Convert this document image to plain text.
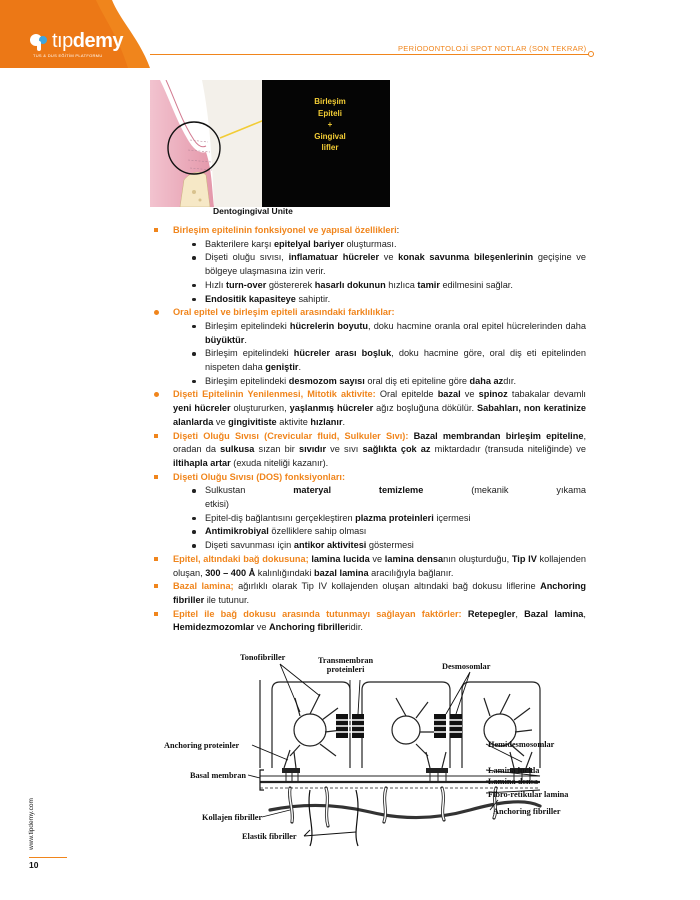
tıpdemy
TUS & DUS EĞİTİM PLATFORMU
PERİODONTOLOJİ SPOT NOTLAR (SON TEKRAR)
Birleşim
Epiteli
+
Gingival
lifler
Dentogingival Unite
Birleşim epitelinin fonksiyonel ve yapısal özellikleri:
Bakterilere karşı epitelyal bariyer oluşturması.
Dişeti oluğu sıvısı, inflamatuar hücreler ve konak savunma bileşenlerinin geçişine ve bölgeye ulaşmasına izin verir.
Hızlı turn-over göstererek hasarlı dokunun hızlıca tamir edilmesini sağlar.
Endositik kapasiteye sahiptir.
Oral epitel ve birleşim epiteli arasındaki farklılıklar:
Birleşim epitelindeki hücrelerin boyutu, doku hacmine oranla oral epitel hücrelerinden daha büyüktür.
Birleşim epitelindeki hücreler arası boşluk, doku hacmine göre, oral diş eti epitelinden nispeten daha geniştir.
Birleşim epitelindeki desmozom sayısı oral diş eti epiteline göre daha azdır.
Dişeti Epitelinin Yenilenmesi, Mitotik aktivite: Oral epitelde bazal ve spinoz tabakalar devamlı yeni hücreler oluştururken, yaşlanmış hücreler ağız boşluğuna dökülür. Sabahları, non keratinize alanlarda ve gingivitiste aktivite hızlanır.
Dişeti Oluğu Sıvısı (Crevicular fluid, Sulkuler Sıvı): Bazal membrandan birleşim epiteline, oradan da sulkusa sızan bir sıvıdır ve sıvı sağlıkta çok az miktardadır (transuda niteliğinde) ve iltihapla artar (exuda niteliği kazanır).
Dişeti Oluğu Sıvısı (DOS) fonksiyonları:
Sulkustan	materyal	temizleme	(mekanik	yıkama
etkisi)
Epitel-diş bağlantısını gerçekleştiren plazma proteinleri içermesi
Antimikrobiyal özelliklere sahip olması
Dişeti savunması için antikor aktivitesi göstermesi
Epitel, altındaki bağ dokusuna; lamina lucida ve lamina densanın oluşturduğu, Tip IV kollajenden oluşan, 300 – 400 Å kalınlığındaki bazal lamina aracılığıyla bağlanır.
Bazal lamina; ağırlıklı olarak Tip IV kollajenden oluşan altındaki bağ dokusu liflerine Anchoring fibriller ile tutunur.
Epitel ile bağ dokusu arasında tutunmayı sağlayan faktörler: Retepegler, Bazal lamina, Hemidezmozomlar ve Anchoring fibrilleridir.
Tonofibriller	Transmembran
proteinleri	Desmosomlar
Anchoring proteinler	Hemidesmosomlar
Basal membran
Lamina lucida
Lamina densa
Fibro-retikular lamina
Anchoring fibriller
Kollajen fibriller
Elastik fibriller
www.tipdemy.com
10
